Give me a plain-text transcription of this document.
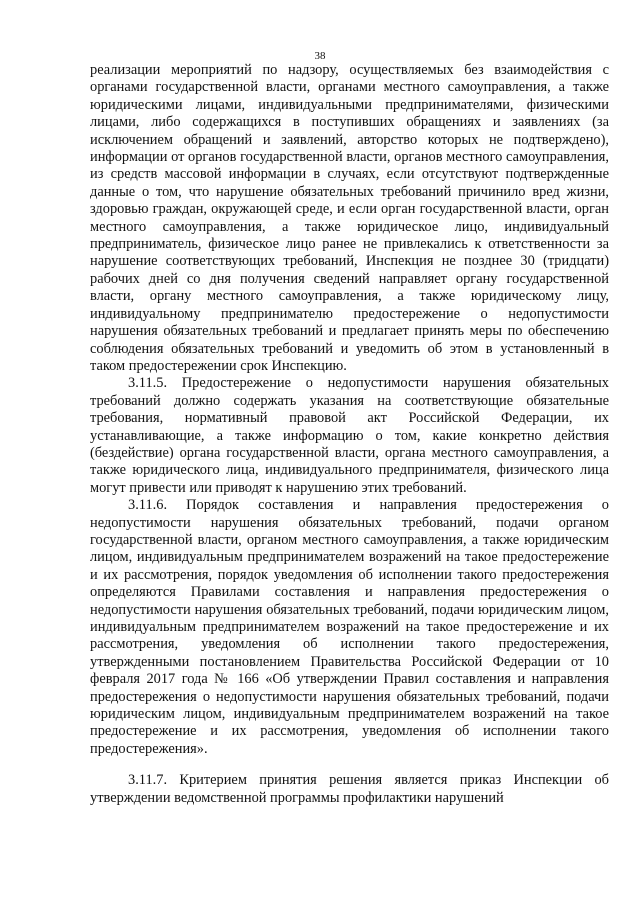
38

реализации мероприятий по надзору, осуществляемых без взаимодействия с органами государственной власти, органами местного самоуправления, а также юридическими лицами, индивидуальными предпринимателями, физическими лицами, либо содержащихся в поступивших обращениях и заявлениях (за исключением обращений и заявлений, авторство которых не подтверждено), информации от органов государственной власти, органов местного самоуправления, из средств массовой информации в случаях, если отсутствуют подтвержденные данные о том, что нарушение обязательных требований причинило вред жизни, здоровью граждан, окружающей среде, и если орган государственной власти, орган местного самоуправления, а также юридическое лицо, индивидуальный предприниматель, физическое лицо ранее не привлекались к ответственности за нарушение соответствующих требований, Инспекция не позднее 30 (тридцати) рабочих дней со дня получения сведений направляет органу государственной власти, органу местного самоуправления, а также юридическому лицу, индивидуальному предпринимателю предостережение о недопустимости нарушения обязательных требований и предлагает принять меры по обеспечению соблюдения обязательных требований и уведомить об этом в установленный в таком предостережении срок Инспекцию.

3.11.5. Предостережение о недопустимости нарушения обязательных требований должно содержать указания на соответствующие обязательные требования, нормативный правовой акт Российской Федерации, их устанавливающие, а также информацию о том, какие конкретно действия (бездействие) органа государственной власти, органа местного самоуправления, а также юридического лица, индивидуального предпринимателя, физического лица могут привести или приводят к нарушению этих требований.

3.11.6. Порядок составления и направления предостережения о недопустимости нарушения обязательных требований, подачи органом государственной власти, органом местного самоуправления, а также юридическим лицом, индивидуальным предпринимателем возражений на такое предостережение и их рассмотрения, порядок уведомления об исполнении такого предостережения определяются Правилами составления и направления предостережения о недопустимости нарушения обязательных требований, подачи юридическим лицом, индивидуальным предпринимателем возражений на такое предостережение и их рассмотрения, уведомления об исполнении такого предостережения, утвержденными постановлением Правительства Российской Федерации от 10 февраля 2017 года № 166 «Об утверждении Правил составления и направления предостережения о недопустимости нарушения обязательных требований, подачи юридическим лицом, индивидуальным предпринимателем возражений на такое предостережение и их рассмотрения, уведомления об исполнении такого предостережения».

3.11.7. Критерием принятия решения является приказ Инспекции об утверждении ведомственной программы профилактики нарушений
